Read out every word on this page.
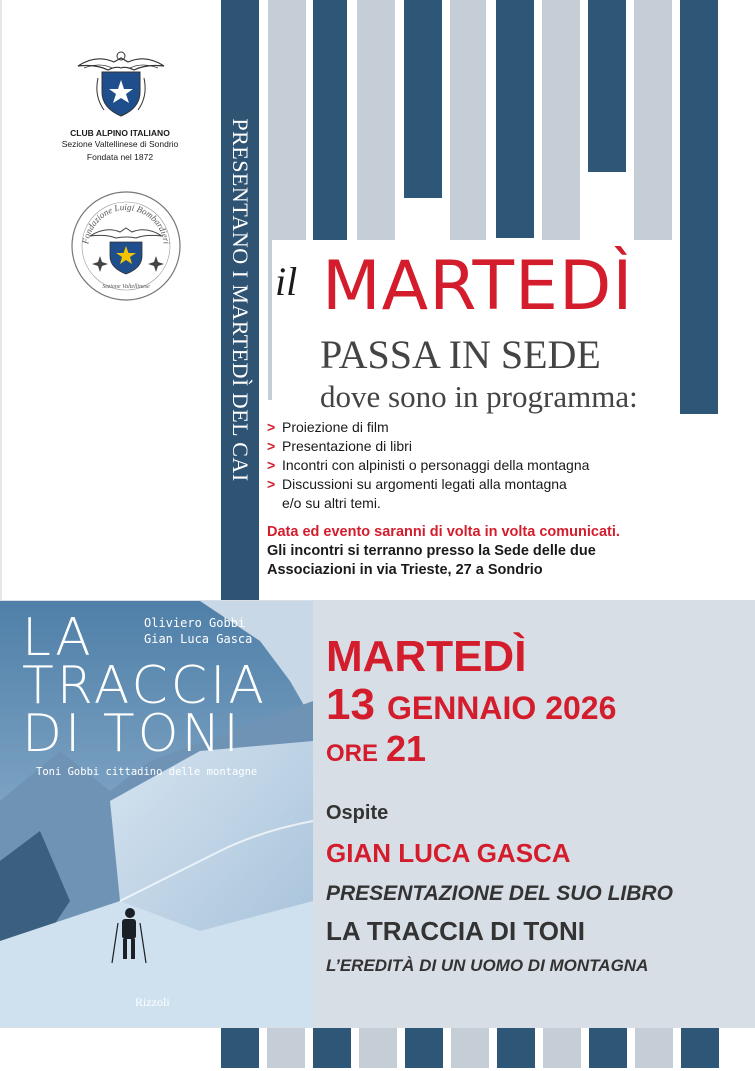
CLUB ALPINO ITALIANO
Sezione Valtellinese di Sondrio
Fondata nel 1872
Fondazione Luigi Bombardieri
Sezione Valtellinese	PRESENTANO I MARTEDÌ DEL CAI il MARTEDÌ
PASSA IN SEDE
dove sono in programma:
> Proiezione di film
> Presentazione di libri
> Incontri con alpinisti o personaggi della montagna
> Discussioni su argomenti legati alla montagna
e/o su altri temi.
Data ed evento saranni di volta in volta comunicati.
Gli incontri si terranno presso la Sede delle due
Associazioni in via Trieste, 27 a Sondrio
Oliviero Gobbi
Gian Luca Gasca
LA
TRACCIA
DI TONI
Toni Gobbi cittadino delle montagne
Rizzoli
MARTEDÌ
13 GENNAIO 2026
ORE 21
Ospite
GIAN LUCA GASCA
PRESENTAZIONE DEL SUO LIBRO
LA TRACCIA DI TONI
L’EREDITÀ DI UN UOMO DI MONTAGNA
